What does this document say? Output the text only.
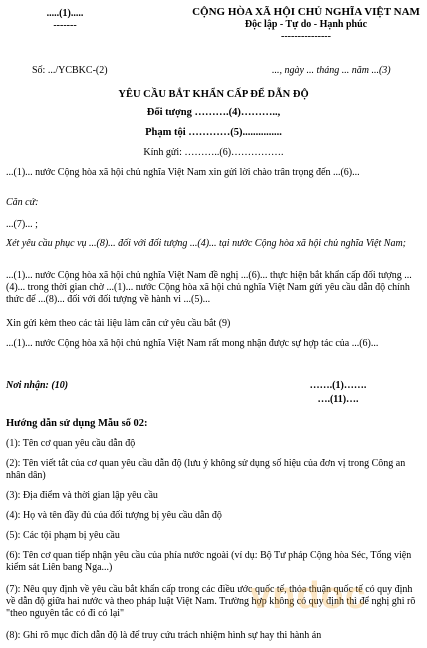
.....(1).....
-------
CỘNG HÒA XÃ HỘI CHỦ NGHĨA VIỆT NAM
Độc lập - Tự do - Hạnh phúc
---------------
Số: .../YCBKC-(2)	..., ngày ... tháng ... năm ...(3)
YÊU CẦU BẮT KHẨN CẤP ĐỂ DẪN ĐỘ
Đối tượng ……….(4)………..,
Phạm tội …………(5)...............
Kính gửi: ………..(6)…………….
...(1)... nước Cộng hòa xã hội chủ nghĩa Việt Nam xin gửi lời chào trân trọng đến ...(6)...
Căn cứ:
...(7)... ;
Xét yêu cầu phục vụ ...(8)... đối với đối tượng ...(4)... tại nước Cộng hòa xã hội chủ nghĩa Việt Nam;
...(1)... nước Cộng hòa xã hội chủ nghĩa Việt Nam đề nghị ...(6)... thực hiện bắt khẩn cấp đối tượng ...(4)... trong thời gian chờ ...(1)... nước Cộng hòa xã hội chủ nghĩa Việt Nam gửi yêu cầu dẫn độ chính thức để ...(8)... đối với đối tượng về hành vi ...(5)...
Xin gửi kèm theo các tài liệu làm căn cứ yêu cầu bắt (9)
...(1)... nước Cộng hòa xã hội chủ nghĩa Việt Nam rất mong nhận được sự hợp tác của ...(6)...
Nơi nhận: (10)	…….(1)…….
….(11)….
Hướng dẫn sử dụng Mẫu số 02:
(1): Tên cơ quan yêu cầu dẫn độ
(2): Tên viết tắt của cơ quan yêu cầu dẫn độ (lưu ý không sử dụng số hiệu của đơn vị trong Công an nhân dân)
(3): Địa điểm và thời gian lập yêu cầu
(4): Họ và tên đầy đủ của đối tượng bị yêu cầu dẫn độ
(5): Các tội phạm bị yêu cầu
(6): Tên cơ quan tiếp nhận yêu cầu của phía nước ngoài (ví dụ: Bộ Tư pháp Cộng hòa Séc, Tổng viện kiểm sát Liên bang Nga...)
(7): Nêu quy định về yêu cầu bắt khẩn cấp trong các điều ước quốc tế, thỏa thuận quốc tế có quy định về dẫn độ giữa hai nước và theo pháp luật Việt Nam. Trường hợp không có quy định thì để nghị ghi rõ "theo nguyên tắc có đi có lại"
(8): Ghi rõ mục đích dẫn độ là để truy cứu trách nhiệm hình sự hay thi hành án
vndoc
